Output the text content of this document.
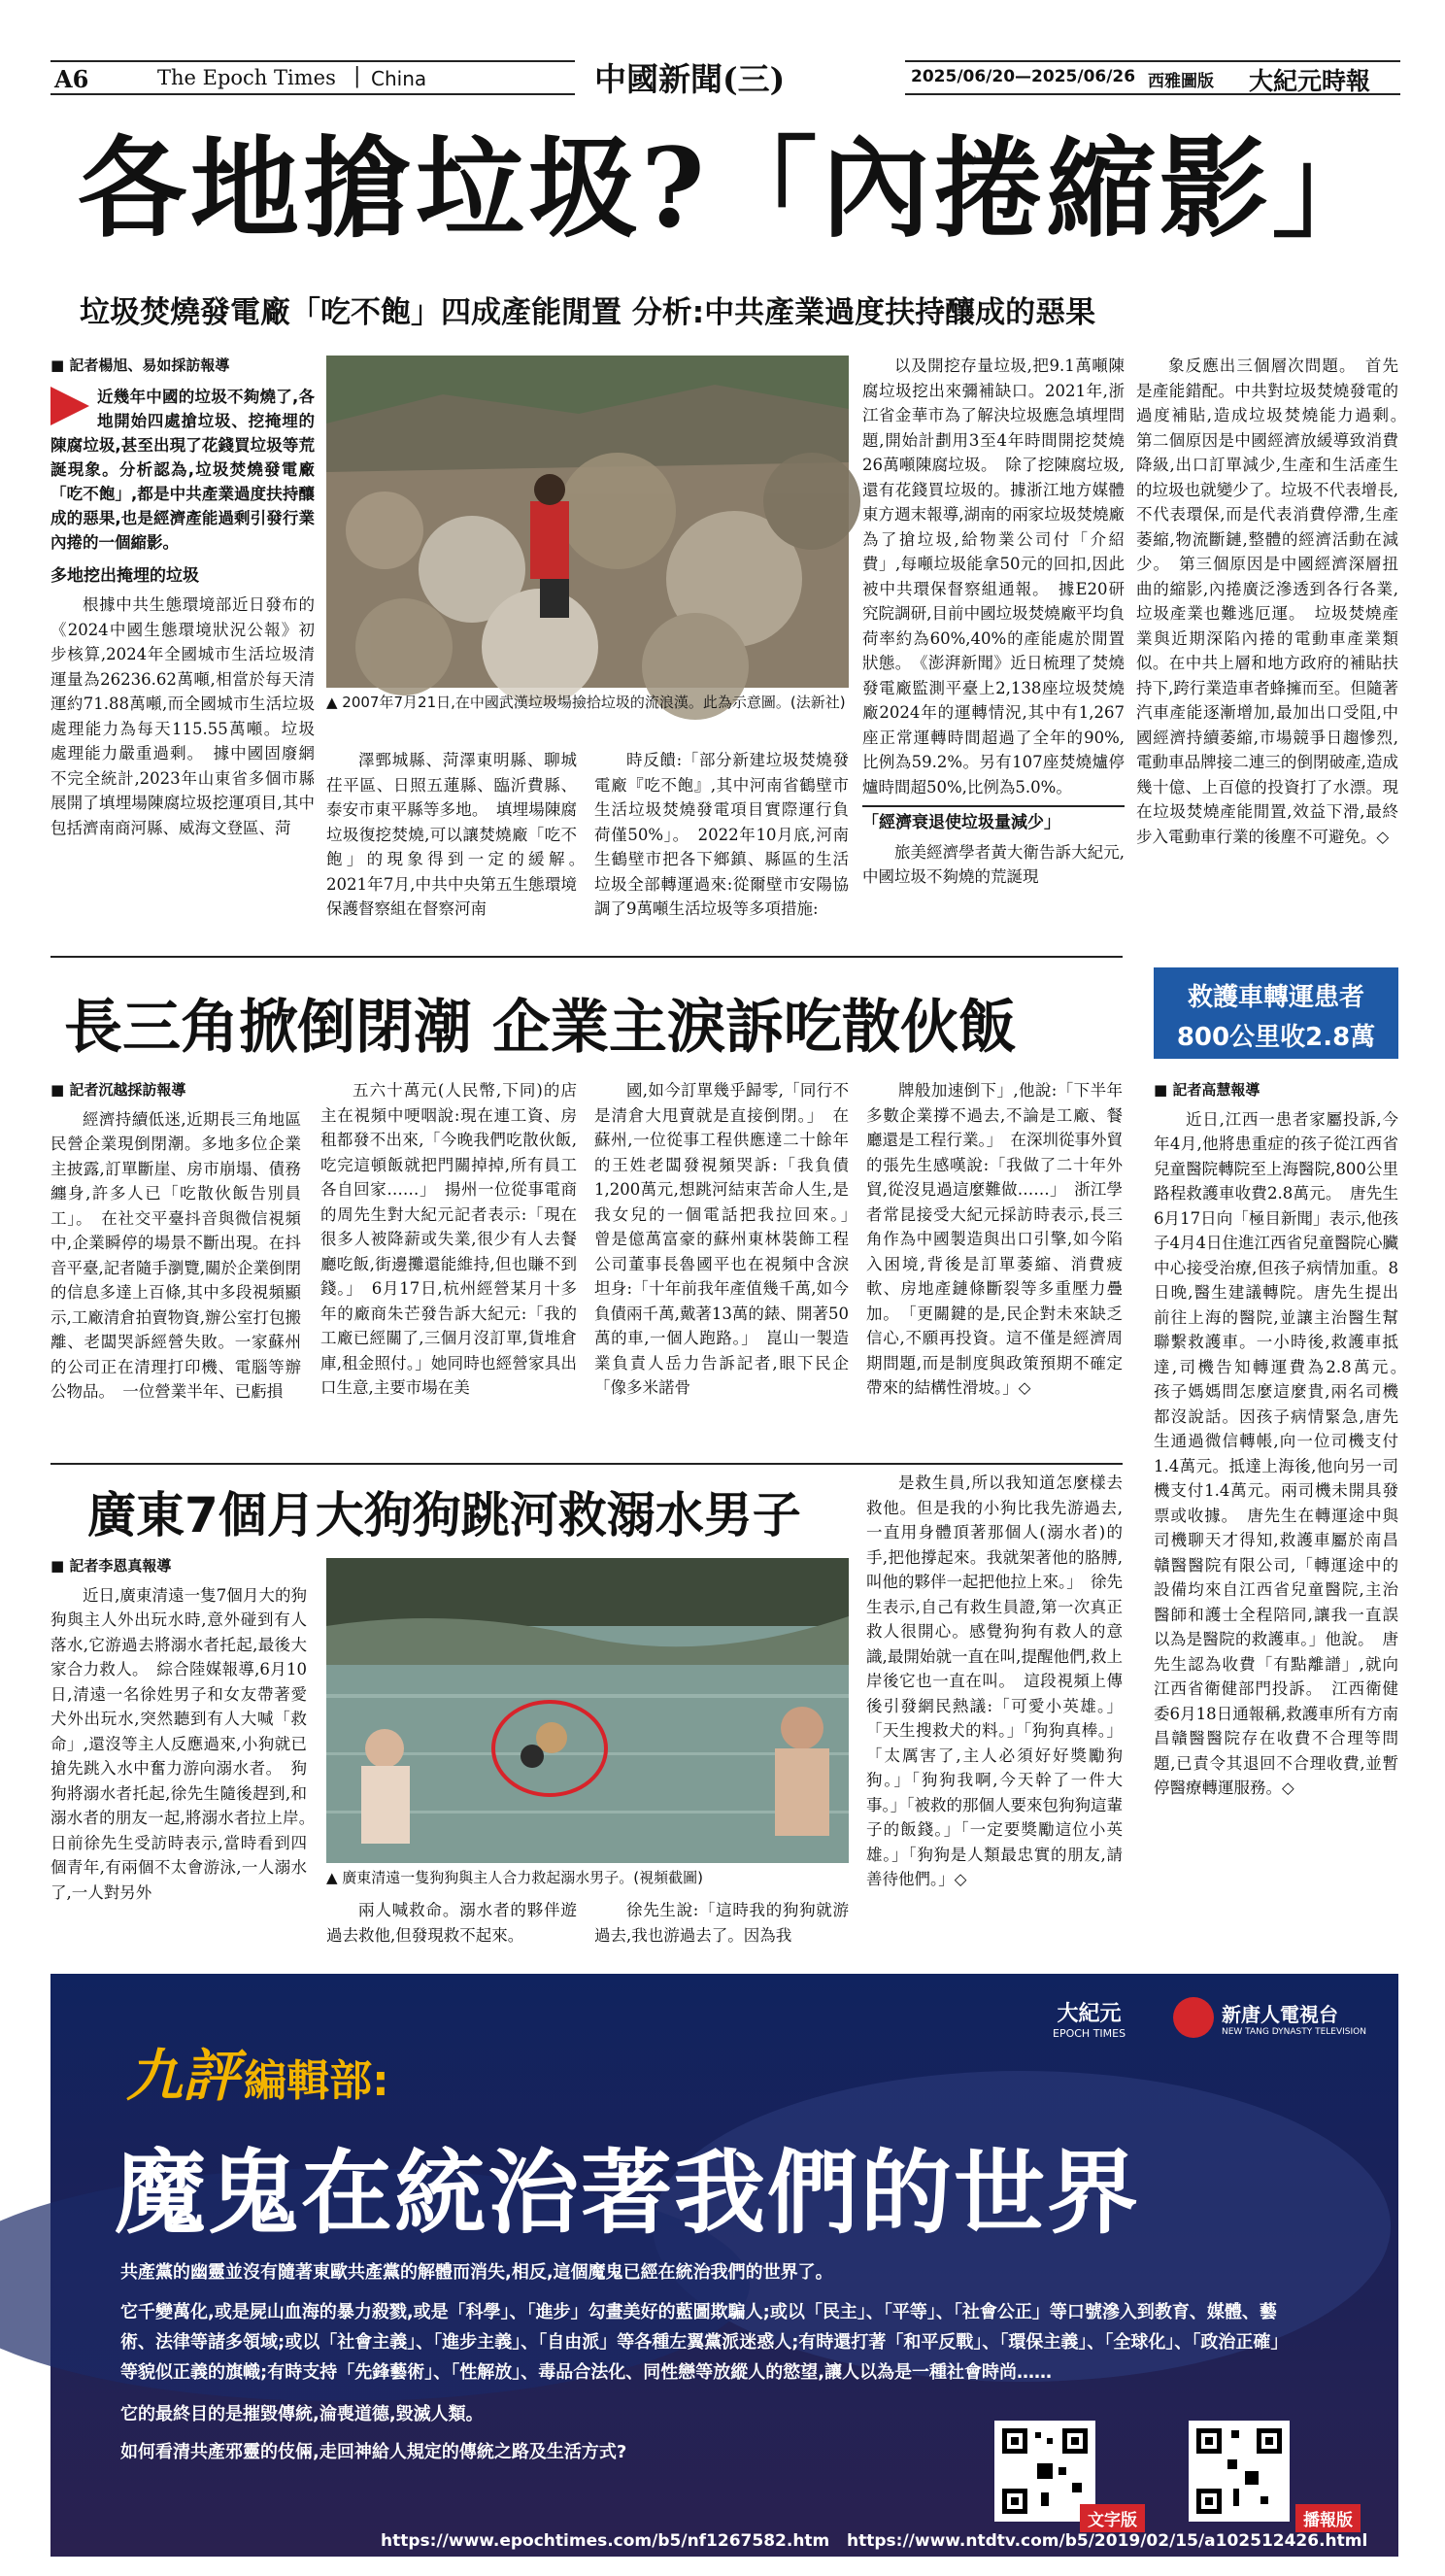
A6	The Epoch Times | China	中國新聞(三)	2025/06/20—2025/06/26 西雅圖版 大紀元時報
各地搶垃圾?「內捲縮影」
垃圾焚燒發電廠「吃不飽」四成產能閒置 分析:中共產業過度扶持釀成的惡果
■ 記者楊旭、易如採訪報導
近幾年中國的垃圾不夠燒了,各地開始四處搶垃圾、挖掩埋的陳腐垃圾,甚至出現了花錢買垃圾等荒誕現象。分析認為,垃圾焚燒發電廠「吃不飽」,都是中共產業過度扶持釀成的惡果,也是經濟產能過剩引發行業內捲的一個縮影。
多地挖出掩埋的垃圾

根據中共生態環境部近日發布的《2024中國生態環境狀況公報》初步核算,2024年全國城市生活垃圾清運量為26236.62萬噸,相當於每天清運約71.88萬噸,而全國城市生活垃圾處理能力為每天115.55萬噸。垃圾處理能力嚴重過剩。　據中國固廢網不完全統計,2023年山東省多個市縣展開了填埋場陳腐垃圾挖運項目,其中包括濟南商河縣、威海文登區、菏

▲ 2007年7月21日,在中國武漢垃圾場撿拾垃圾的流浪漢。此為示意圖。(法新社)

澤鄄城縣、菏澤東明縣、聊城茌平區、日照五蓮縣、臨沂費縣、泰安市東平縣等多地。　填埋場陳腐垃圾復挖焚燒,可以讓焚燒廠「吃不飽」的現象得到一定的緩解。　2021年7月,中共中央第五生態環境保護督察組在督察河南

時反饋:「部分新建垃圾焚燒發電廠『吃不飽』,其中河南省鶴壁市生活垃圾焚燒發電項目實際運行負荷僅50%」。　2022年10月底,河南生鶴壁市把各下鄉鎮、縣區的生活垃圾全部轉運過來:從爾壁市安陽協調了9萬噸生活垃圾等多項措施:

以及開挖存量垃圾,把9.1萬噸陳腐垃圾挖出來彌補缺口。2021年,浙江省金華市為了解決垃圾應急填埋問題,開始計劃用3至4年時間開挖焚燒26萬噸陳腐垃圾。　除了挖陳腐垃圾,還有花錢買垃圾的。據浙江地方媒體東方週末報導,湖南的兩家垃圾焚燒廠為了搶垃圾,給物業公司付「介紹費」,每噸垃圾能拿50元的回扣,因此被中共環保督察組通報。　據E20研究院調研,目前中國垃圾焚燒廠平均負荷率約為60%,40%的產能處於閒置狀態。　《澎湃新聞》近日梳理了焚燒發電廠監測平臺上2,138座垃圾焚燒廠2024年的運轉情況,其中有1,267座正常運轉時間超過了全年的90%,比例為59.2%。另有107座焚燒爐停爐時間超50%,比例為5.0%。

「經濟衰退使垃圾量減少」

旅美經濟學者黃大衛告訴大紀元,中國垃圾不夠燒的荒誕現

象反應出三個層次問題。　首先是產能錯配。中共對垃圾焚燒發電的過度補貼,造成垃圾焚燒能力過剩。　第二個原因是中國經濟放緩導致消費降級,出口訂單減少,生產和生活產生的垃圾也就變少了。垃圾不代表增長,不代表環保,而是代表消費停滯,生產萎縮,物流斷鏈,整體的經濟活動在減少。　第三個原因是中國經濟深層扭曲的縮影,內捲廣泛滲透到各行各業,垃圾產業也難逃厄運。　垃圾焚燒產業與近期深陷內捲的電動車產業類似。在中共上層和地方政府的補貼扶持下,跨行業造車者蜂擁而至。但隨著汽車產能逐漸增加,最加出口受阻,中國經濟持續萎縮,市場競爭日趨慘烈,電動車品牌接二連三的倒閉破產,造成幾十億、上百億的投資打了水漂。現在垃圾焚燒產能閒置,效益下滑,最終步入電動車行業的後塵不可避免。◇

長三角掀倒閉潮 企業主淚訴吃散伙飯
■ 記者沉越採訪報導

經濟持續低迷,近期長三角地區民營企業現倒閉潮。多地多位企業主披露,訂單斷崖、房市崩塌、債務纏身,許多人已「吃散伙飯告別員工」。　在社交平臺抖音與微信視頻中,企業瞬停的場景不斷出現。在抖音平臺,記者隨手瀏覽,關於企業倒閉的信息多達上百條,其中多段視頻顯示,工廠清倉拍賣物資,辦公室打包搬離、老闆哭訴經營失敗。一家蘇州的公司正在清理打印機、電腦等辦公物品。　一位營業半年、已虧損

五六十萬元(人民幣,下同)的店主在視頻中哽咽說:現在連工資、房租都發不出來,「今晚我們吃散伙飯,吃完這頓飯就把門關掉掉,所有員工各自回家……」　揚州一位從事電商的周先生對大紀元記者表示:「現在很多人被降薪或失業,很少有人去餐廳吃飯,街邊攤還能維持,但也賺不到錢。」　6月17日,杭州經營某月十多年的廠商朱芒發告訴大紀元:「我的工廠已經關了,三個月沒訂單,貨堆倉庫,租金照付。」她同時也經營家具出口生意,主要市場在美

國,如今訂單幾乎歸零,「同行不是清倉大甩賣就是直接倒閉。」　在蘇州,一位從事工程供應達二十餘年的王姓老闆發視頻哭訴:「我負債1,200萬元,想跳河結束苦命人生,是我女兒的一個電話把我拉回來。」　曾是億萬富豪的蘇州東林裝飾工程公司董事長魯國平也在視頻中含淚坦身:「十年前我年產值幾千萬,如今負債兩千萬,戴著13萬的錶、開著50萬的車,一個人跑路。」　崑山一製造業負責人岳力告訴記者,眼下民企「像多米諾骨

牌般加速倒下」,他說:「下半年多數企業撐不過去,不論是工廠、餐廳還是工程行業。」　在深圳從事外貿的張先生感嘆說:「我做了二十年外貿,從沒見過這麼難做……」　浙江學者常昆接受大紀元採訪時表示,長三角作為中國製造與出口引擎,如今陷入困境,背後是訂單萎縮、消費疲軟、房地產鏈條斷裂等多重壓力疊加。　「更關鍵的是,民企對未來缺乏信心,不願再投資。這不僅是經濟周期問題,而是制度與政策預期不確定帶來的結構性滑坡。」◇

廣東7個月大狗狗跳河救溺水男子
■ 記者李恩真報導

近日,廣東清遠一隻7個月大的狗狗與主人外出玩水時,意外碰到有人落水,它游過去將溺水者托起,最後大家合力救人。　綜合陸媒報導,6月10日,清遠一名徐姓男子和女友帶著愛犬外出玩水,突然聽到有人大喊「救命」,還沒等主人反應過來,小狗就已搶先跳入水中奮力游向溺水者。　狗狗將溺水者托起,徐先生隨後趕到,和溺水者的朋友一起,將溺水者拉上岸。　日前徐先生受訪時表示,當時看到四個青年,有兩個不太會游泳,一人溺水了,一人對另外

▲ 廣東清遠一隻狗狗與主人合力救起溺水男子。(視頻截圖)

兩人喊救命。溺水者的夥伴遊過去救他,但發現救不起來。

徐先生說:「這時我的狗狗就游過去,我也游過去了。因為我

是救生員,所以我知道怎麼樣去救他。但是我的小狗比我先游過去,一直用身體頂著那個人(溺水者)的手,把他撐起來。我就架著他的胳膊,叫他的夥伴一起把他拉上來。」　徐先生表示,自己有救生員證,第一次真正救人很開心。感覺狗狗有救人的意識,最開始就一直在叫,提醒他們,救上岸後它也一直在叫。　這段視頻上傳後引發網民熱議:「可愛小英雄。」「天生搜救犬的料。」「狗狗真棒。」「太厲害了,主人必須好好獎勵狗狗。」「狗狗我啊,今天幹了一件大事。」「被救的那個人要來包狗狗這輩子的飯錢。」「一定要獎勵這位小英雄。」「狗狗是人類最忠實的朋友,請善待他們。」◇

救護車轉運患者
800公里收2.8萬
■ 記者高慧報導

近日,江西一患者家屬投訴,今年4月,他將患重症的孩子從江西省兒童醫院轉院至上海醫院,800公里路程救護車收費2.8萬元。　唐先生6月17日向「極目新聞」表示,他孩子4月4日住進江西省兒童醫院心臟中心接受治療,但孩子病情加重。8日晚,醫生建議轉院。唐先生提出前往上海的醫院,並讓主治醫生幫聯繫救護車。一小時後,救護車抵達,司機告知轉運費為2.8萬元。　孩子媽媽問怎麼這麼貴,兩名司機都沒說話。因孩子病情緊急,唐先生通過微信轉帳,向一位司機支付1.4萬元。抵達上海後,他向另一司機支付1.4萬元。兩司機未開具發票或收據。　唐先生在轉運途中與司機聊天才得知,救護車屬於南昌贛醫醫院有限公司,「轉運途中的設備均來自江西省兒童醫院,主治醫師和護士全程陪同,讓我一直誤以為是醫院的救護車。」他說。　唐先生認為收費「有點離譜」,就向江西省衛健部門投訴。　江西衛健委6月18日通報稱,救護車所有方南昌贛醫醫院存在收費不合理等問題,已責令其退回不合理收費,並暫停醫療轉運服務。◇

大紀元
EPOCH TIMES
新唐人電視台
NEW TANG DYNASTY TELEVISION
九評 編輯部:
魔鬼在統治著我們的世界
共產黨的幽靈並沒有隨著東歐共產黨的解體而消失,相反,這個魔鬼已經在統治我們的世界了。
它千變萬化,或是屍山血海的暴力殺戮,或是「科學」、「進步」勾畫美好的藍圖欺騙人;或以「民主」、「平等」、「社會公正」等口號滲入到教育、媒體、藝術、法律等諸多領域;或以「社會主義」、「進步主義」、「自由派」等各種左翼黨派迷惑人;有時還打著「和平反戰」、「環保主義」、「全球化」、「政治正確」等貌似正義的旗幟;有時支持「先鋒藝術」、「性解放」、毒品合法化、同性戀等放縱人的慾望,讓人以為是一種社會時尚……
它的最終目的是摧毀傳統,淪喪道德,毀滅人類。
如何看清共產邪靈的伎倆,走回神給人規定的傳統之路及生活方式?
文字版	播報版
https://www.epochtimes.com/b5/nf1267582.htm https://www.ntdtv.com/b5/2019/02/15/a102512426.html
